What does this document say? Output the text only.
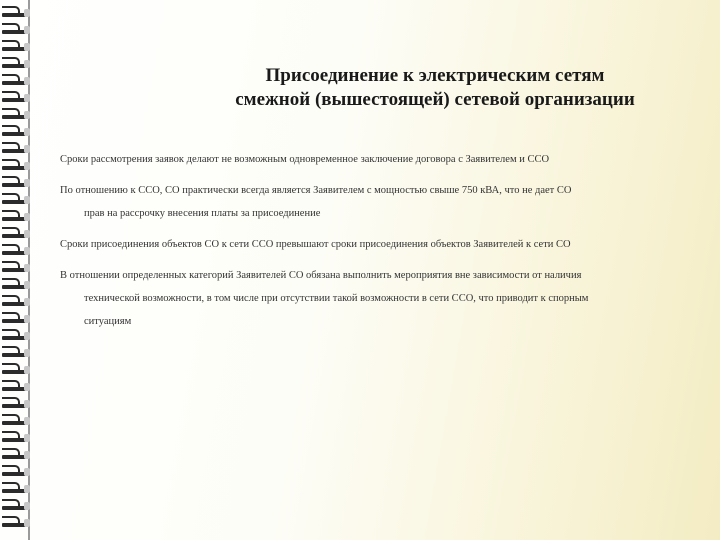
Присоединение к электрическим сетям
смежной (вышестоящей) сетевой организации
Сроки рассмотрения заявок делают не возможным одновременное заключение договора с Заявителем и ССО
По отношению к ССО, СО практически всегда является Заявителем с мощностью свыше 750 кВА, что не дает СО
прав на рассрочку внесения платы за присоединение
Сроки присоединения объектов СО к сети ССО превышают сроки присоединения объектов Заявителей к сети СО
В отношении определенных категорий Заявителей СО обязана выполнить мероприятия вне зависимости от наличия
технической возможности, в том числе при отсутствии такой возможности в сети ССО, что приводит к спорным
ситуациям
